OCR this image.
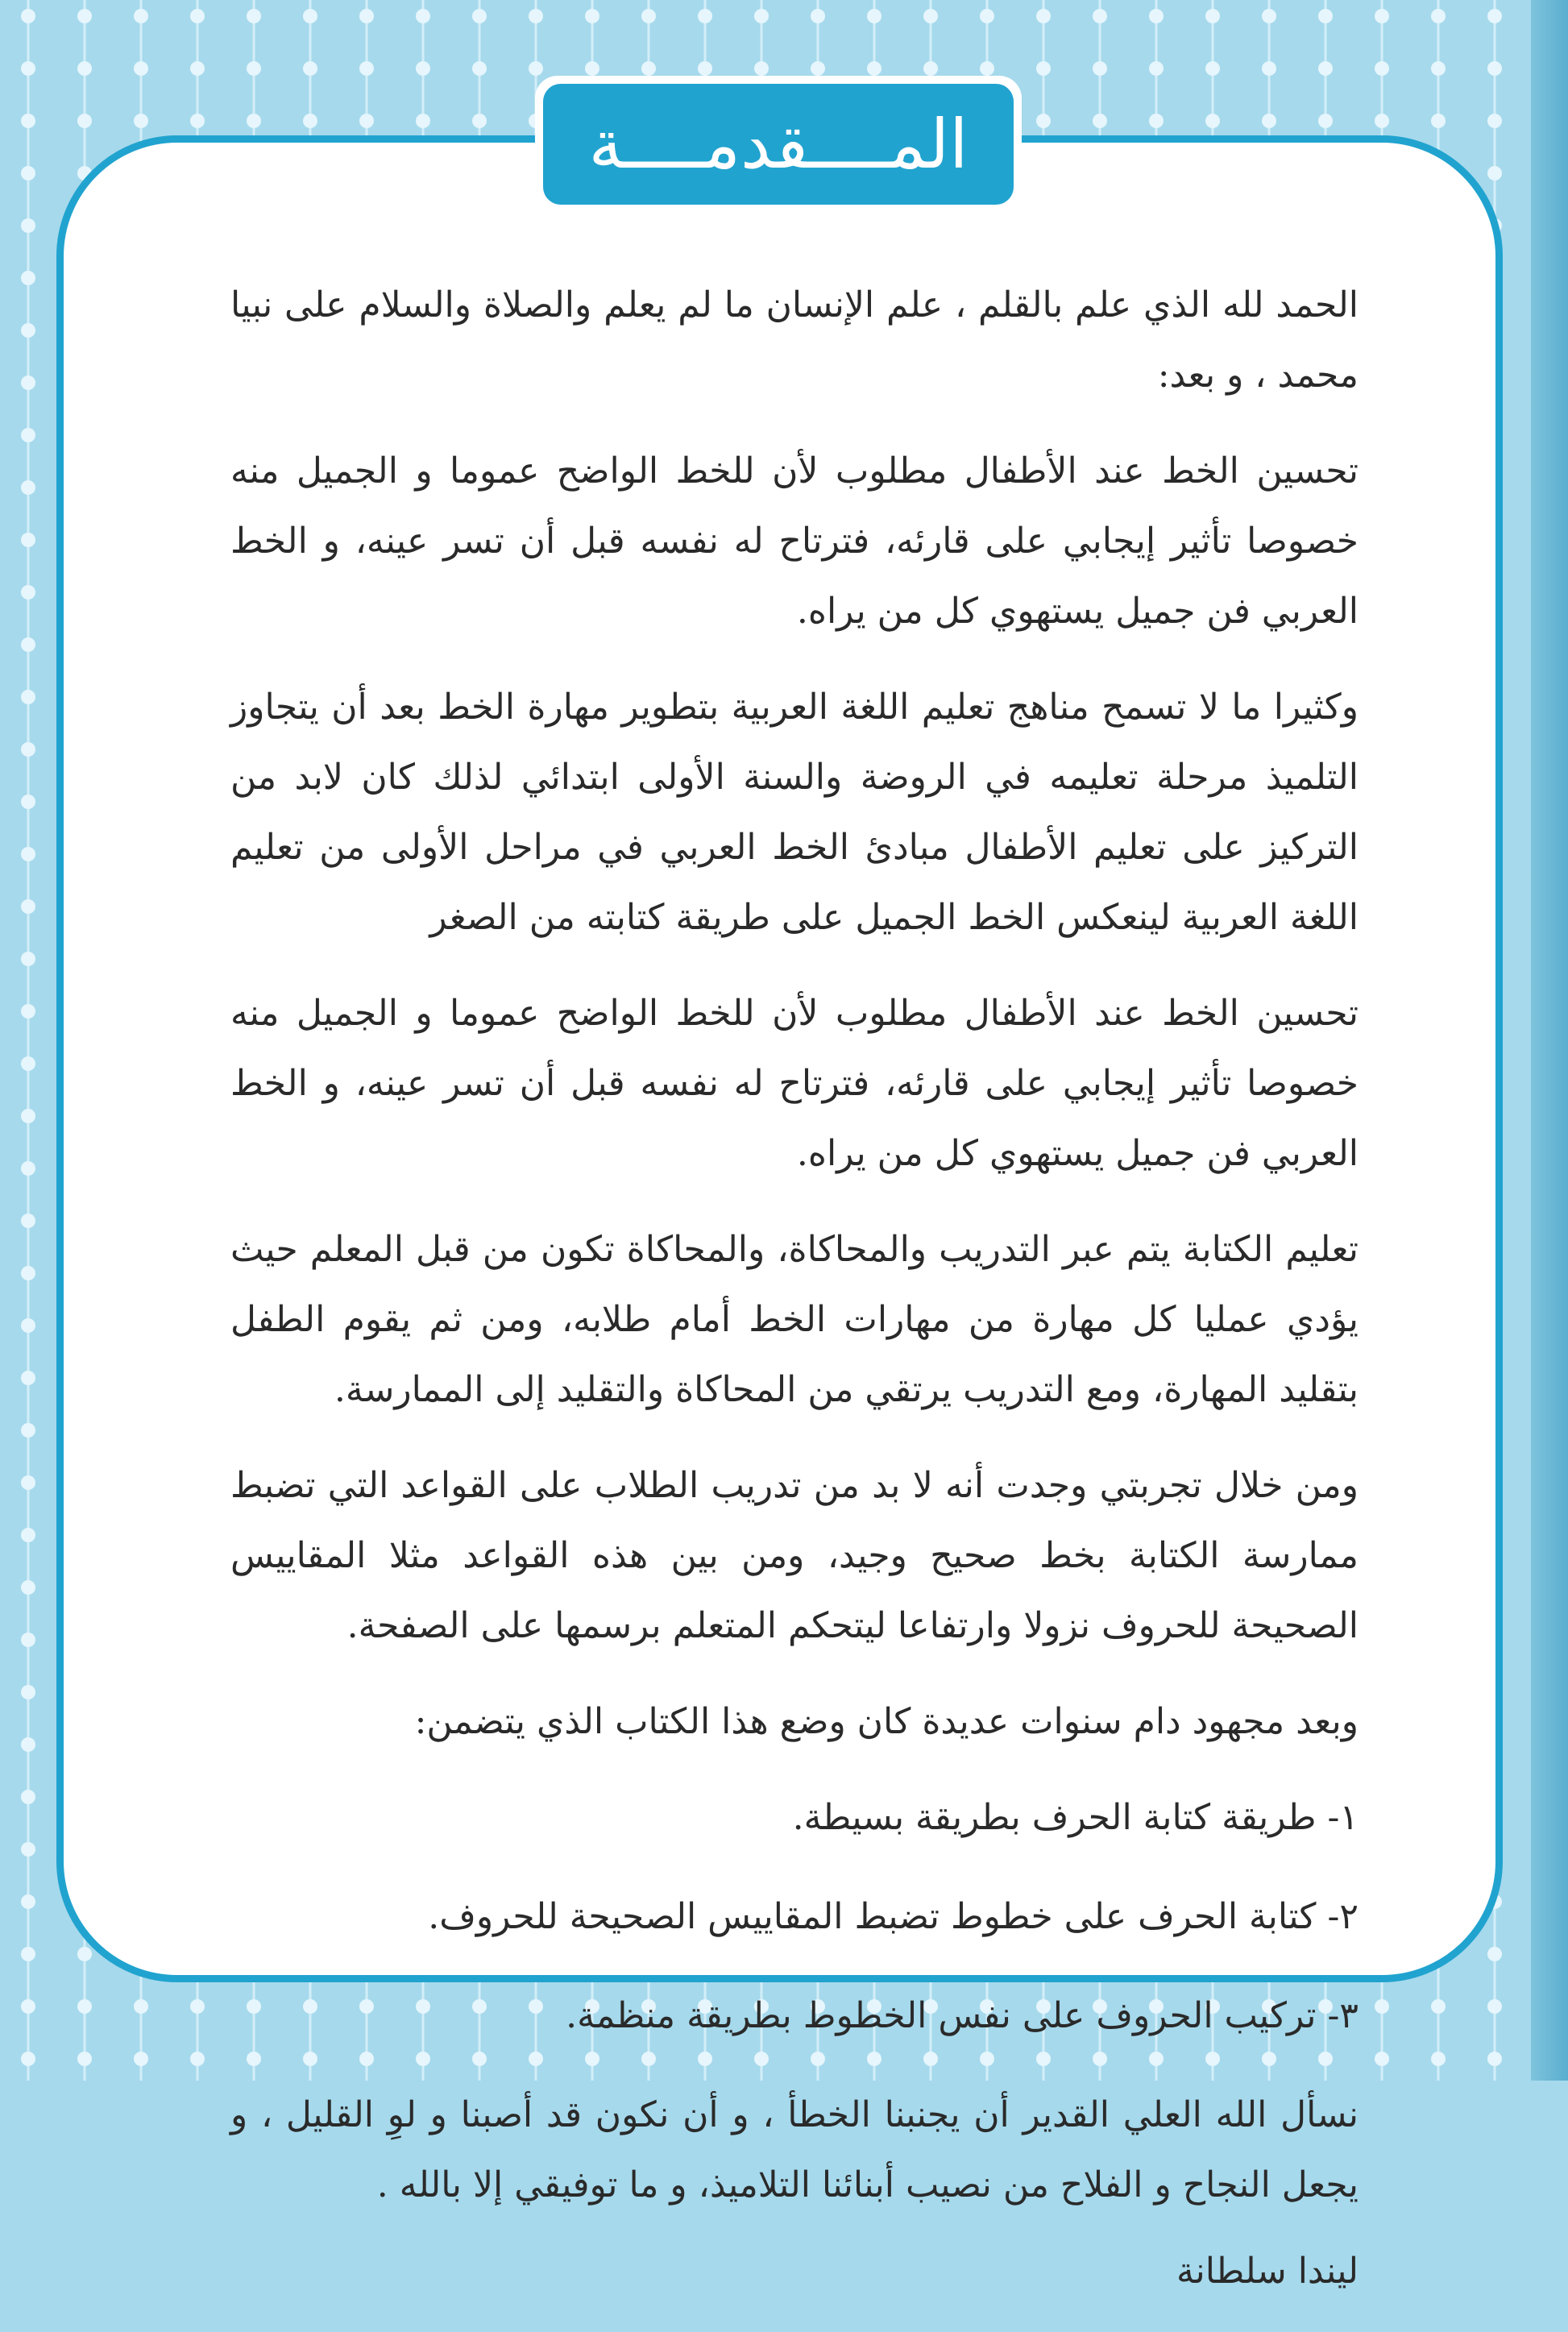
المــــقدمــــة

الحمد لله الذي علم بالقلم ، علم الإنسان ما لم يعلم والصلاة والسلام على نبيا محمد ، و بعد:

تحسين الخط عند الأطفال مطلوب لأن للخط الواضح عموما و الجميل منه خصوصا تأثير إيجابي على قارئه، فترتاح له نفسه قبل أن تسر عينه، و الخط العربي فن جميل يستهوي كل من يراه.

وكثيرا ما لا تسمح مناهج تعليم اللغة العربية بتطوير مهارة الخط بعد أن يتجاوز التلميذ مرحلة تعليمه في الروضة والسنة الأولى ابتدائي لذلك كان لابد من التركيز على تعليم الأطفال مبادئ الخط العربي في مراحل الأولى من تعليم اللغة العربية لينعكس الخط الجميل على طريقة كتابته من الصغر

تحسين الخط عند الأطفال مطلوب لأن للخط الواضح عموما و الجميل منه خصوصا تأثير إيجابي على قارئه، فترتاح له نفسه قبل أن تسر عينه، و الخط العربي فن جميل يستهوي كل من يراه.

تعليم الكتابة يتم عبر التدريب والمحاكاة، والمحاكاة تكون من قبل المعلم حيث يؤدي عمليا كل مهارة من مهارات الخط أمام طلابه، ومن ثم يقوم الطفل بتقليد المهارة، ومع التدريب يرتقي من المحاكاة والتقليد إلى الممارسة.

ومن خلال تجربتي وجدت أنه لا بد من تدريب الطلاب على القواعد التي تضبط ممارسة الكتابة بخط صحيح وجيد، ومن بين هذه القواعد مثلا المقاييس الصحيحة للحروف نزولا وارتفاعا ليتحكم المتعلم برسمها على الصفحة.

وبعد مجهود دام سنوات عديدة كان وضع هذا الكتاب الذي يتضمن:

١- طريقة كتابة الحرف بطريقة بسيطة.
٢- كتابة الحرف على خطوط تضبط المقاييس الصحيحة للحروف.
٣- تركيب الحروف على نفس الخطوط بطريقة منظمة.

نسأل الله العلي القدير أن يجنبنا الخطأ ، و أن نكون قد أصبنا و لوِ القليل ، و يجعل النجاح و الفلاح من نصيب أبنائنا التلاميذ، و ما توفيقي إلا بالله .

ليندا سلطانة
